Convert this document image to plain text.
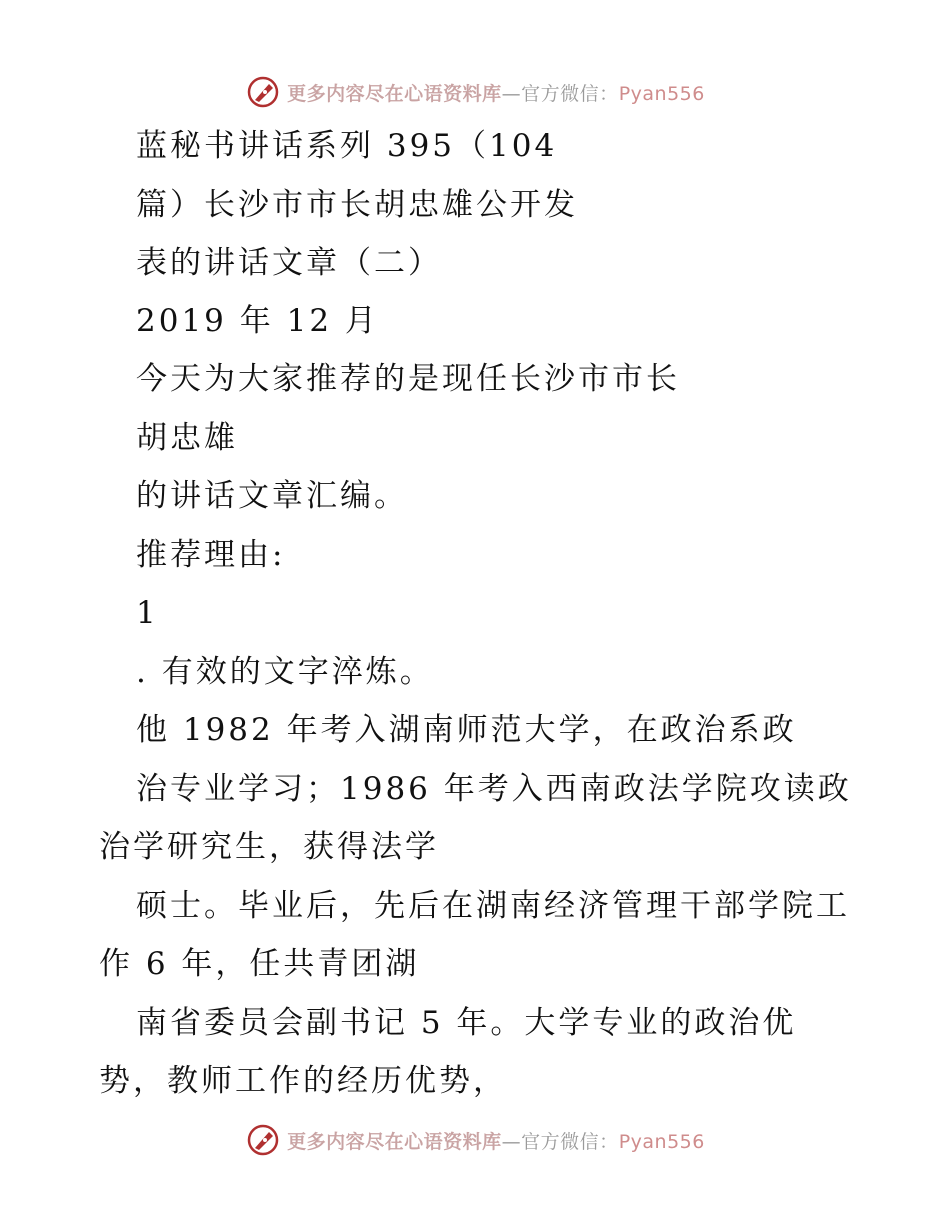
更多内容尽在心语资料库—官方微信：Pyan556
蓝秘书讲话系列 395（104
篇）长沙市市长胡忠雄公开发
表的讲话文章（二）
2019 年 12 月
今天为大家推荐的是现任长沙市市长
胡忠雄
的讲话文章汇编。
推荐理由:
1
. 有效的文字淬炼。
他 1982 年考入湖南师范大学，在政治系政
治专业学习；1986 年考入西南政法学院攻读政
治学研究生，获得法学
硕士。毕业后，先后在湖南经济管理干部学院工
作 6 年，任共青团湖
南省委员会副书记 5 年。大学专业的政治优
势，教师工作的经历优势，
更多内容尽在心语资料库—官方微信：Pyan556
